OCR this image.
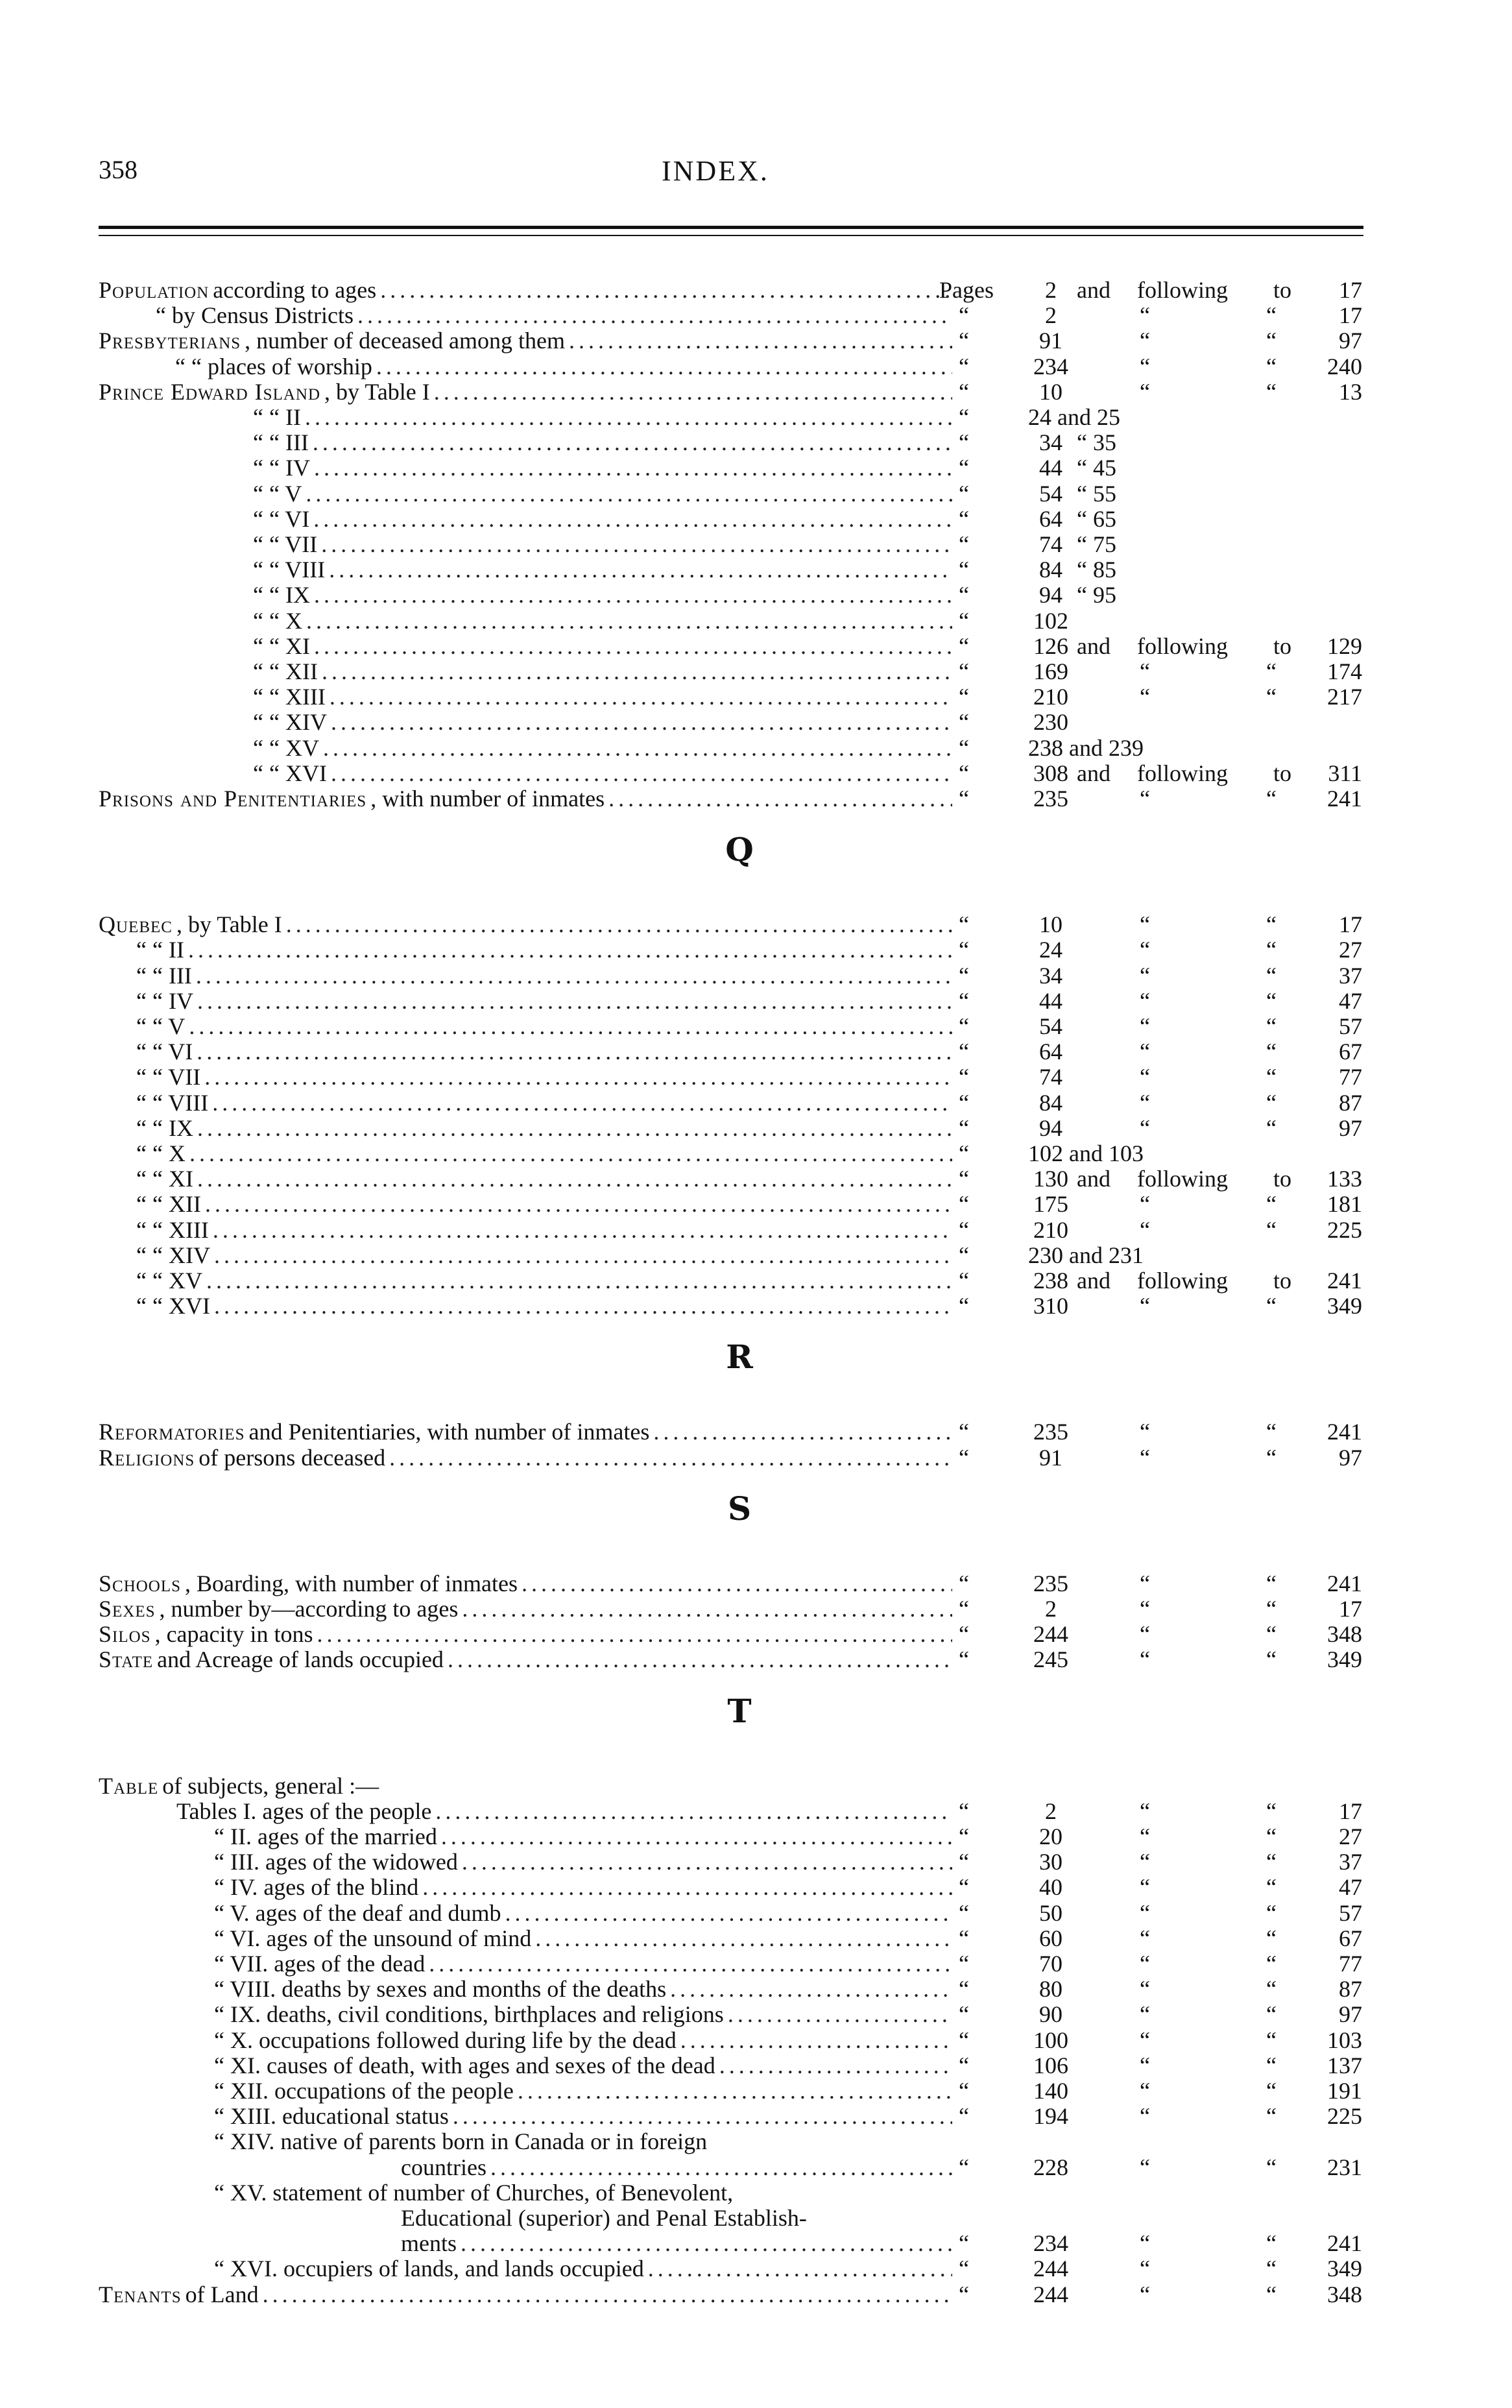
358	INDEX.
Population according to ages .....	Pages	2 and following to	17
“ by Census Districts .....	“	2	“	“	17
Presbyterians , number of deceased among them .....	“	91	“	“	97
“ “ places of worship .....	“	234	“	“	240
Prince Edward Island , by Table I .....	“	10	“	“	13
“ “ II .....	“	24 and 25
“ “ III .....	“	34 “ 35
“ “ IV .....	“	44 “ 45
“ “ V .....	“	54 “ 55
“ “ VI .....	“	64 “ 65
“ “ VII .....	“	74 “ 75
“ “ VIII .....	“	84 “ 85
“ “ IX .....	“	94 “ 95
“ “ X .....	“	102
“ “ XI .....	“	126 and following to	129
“ “ XII .....	“	169	“	“	174
“ “ XIII .....	“	210	“	“	217
“ “ XIV .....	“	230
“ “ XV .....	“	238 and 239
“ “ XVI .....	“	308 and following to	311
Prisons and Penitentiaries , with number of inmates .....	“	235	“	“	241
Q
Quebec , by Table I .....	“	10	“	“	17
“ “ II .....	“	24	“	“	27
“ “ III .....	“	34	“	“	37
“ “ IV .....	“	44	“	“	47
“ “ V .....	“	54	“	“	57
“ “ VI .....	“	64	“	“	67
“ “ VII .....	“	74	“	“	77
“ “ VIII .....	“	84	“	“	87
“ “ IX .....	“	94	“	“	97
“ “ X .....	“	102 and 103
“ “ XI .....	“	130 and following to	133
“ “ XII .....	“	175	“	“	181
“ “ XIII .....	“	210	“	“	225
“ “ XIV .....	“	230 and 231
“ “ XV .....	“	238 and following to	241
“ “ XVI .....	“	310	“	“	349
R
Reformatories and Penitentiaries, with number of inmates .....	“	235	“	“	241
Religions of persons deceased .....	“	91	“	“	97
S
Schools , Boarding, with number of inmates .....	“	235	“	“	241
Sexes , number by—according to ages .....	“	2	“	“	17
Silos , capacity in tons .....	“	244	“	“	348
State and Acreage of lands occupied .....	“	245	“	“	349
T
Table of subjects, general :—
Tables I. ages of the people .....	“	2	“	“	17
“ II. ages of the married .....	“	20	“	“	27
“ III. ages of the widowed .....	“	30	“	“	37
“ IV. ages of the blind .....	“	40	“	“	47
“ V. ages of the deaf and dumb .....	“	50	“	“	57
“ VI. ages of the unsound of mind .....	“	60	“	“	67
“ VII. ages of the dead .....	“	70	“	“	77
“ VIII. deaths by sexes and months of the deaths .....	“	80	“	“	87
“ IX. deaths, civil conditions, birthplaces and religions .....	“	90	“	“	97
“ X. occupations followed during life by the dead .....	“	100	“	“	103
“ XI. causes of death, with ages and sexes of the dead .....	“	106	“	“	137
“ XII. occupations of the people .....	“	140	“	“	191
“ XIII. educational status .....	“	194	“	“	225
“ XIV. native of parents born in Canada or in foreign
countries .....	“	228	“	“	231
“ XV. statement of number of Churches, of Benevolent,
Educational (superior) and Penal Establish-
ments .....	“	234	“	“	241
“ XVI. occupiers of lands, and lands occupied .....	“	244	“	“	349
Tenants of Land .....	“	244	“	“	348
